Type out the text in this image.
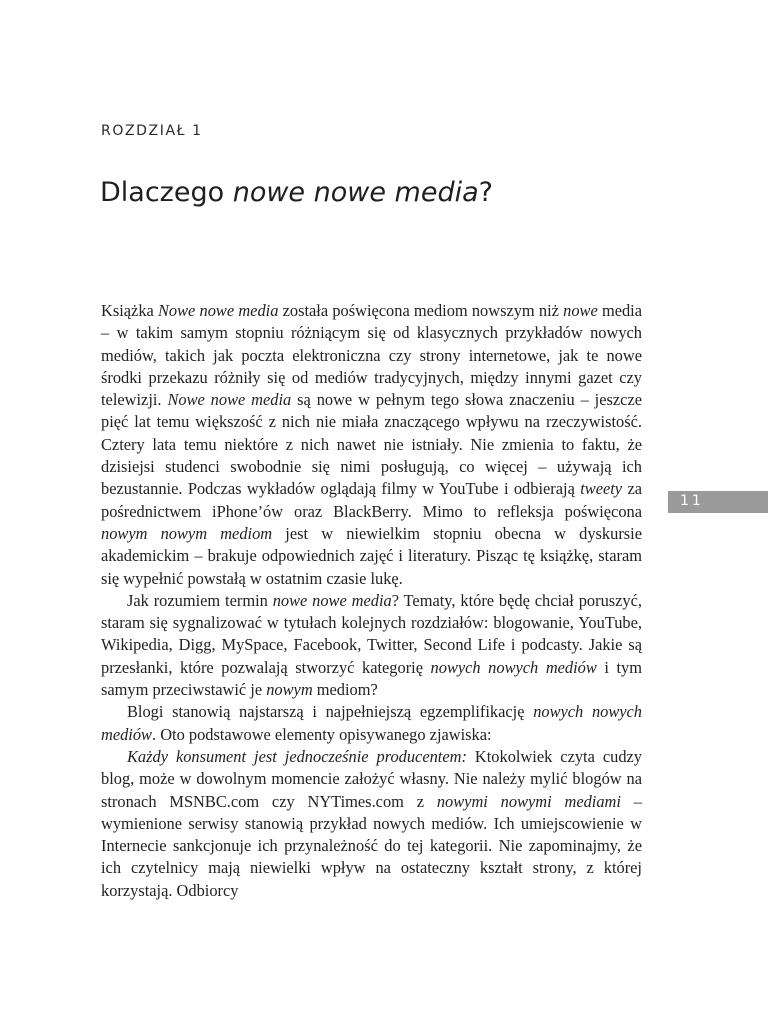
ROZDZIAŁ 1

Dlaczego nowe nowe media?
11

Książka Nowe nowe media została poświęcona mediom nowszym niż nowe media – w takim samym stopniu różniącym się od klasycznych przykładów nowych mediów, takich jak poczta elektroniczna czy strony internetowe, jak te nowe środki przekazu różniły się od mediów tradycyjnych, między innymi gazet czy telewizji. Nowe nowe media są nowe w pełnym tego słowa znaczeniu – jeszcze pięć lat temu większość z nich nie miała znaczącego wpływu na rzeczywistość. Cztery lata temu niektóre z nich nawet nie istniały. Nie zmienia to faktu, że dzisiejsi studenci swobodnie się nimi posługują, co więcej – używają ich bezustannie. Podczas wykładów oglądają filmy w YouTube i odbierają tweety za pośrednictwem iPhone’ów oraz BlackBerry. Mimo to refleksja poświęcona nowym nowym mediom jest w niewielkim stopniu obecna w dyskursie akademickim – brakuje odpowiednich zajęć i literatury. Pisząc tę książkę, staram się wypełnić powstałą w ostatnim czasie lukę.

Jak rozumiem termin nowe nowe media? Tematy, które będę chciał poruszyć, staram się sygnalizować w tytułach kolejnych rozdziałów: blogowanie, YouTube, Wikipedia, Digg, MySpace, Facebook, Twitter, Second Life i podcasty. Jakie są przesłanki, które pozwalają stworzyć kategorię nowych nowych mediów i tym samym przeciwstawić je nowym mediom?

Blogi stanowią najstarszą i najpełniejszą egzemplifikację nowych nowych mediów. Oto podstawowe elementy opisywanego zjawiska:

Każdy konsument jest jednocześnie producentem: Ktokolwiek czyta cudzy blog, może w dowolnym momencie założyć własny. Nie należy mylić blogów na stronach MSNBC.com czy NYTimes.com z nowymi nowymi mediami – wymienione serwisy stanowią przykład nowych mediów. Ich umiejscowienie w Internecie sankcjonuje ich przynależność do tej kategorii. Nie zapominajmy, że ich czytelnicy mają niewielki wpływ na ostateczny kształt strony, z której korzystają. Odbiorcy
